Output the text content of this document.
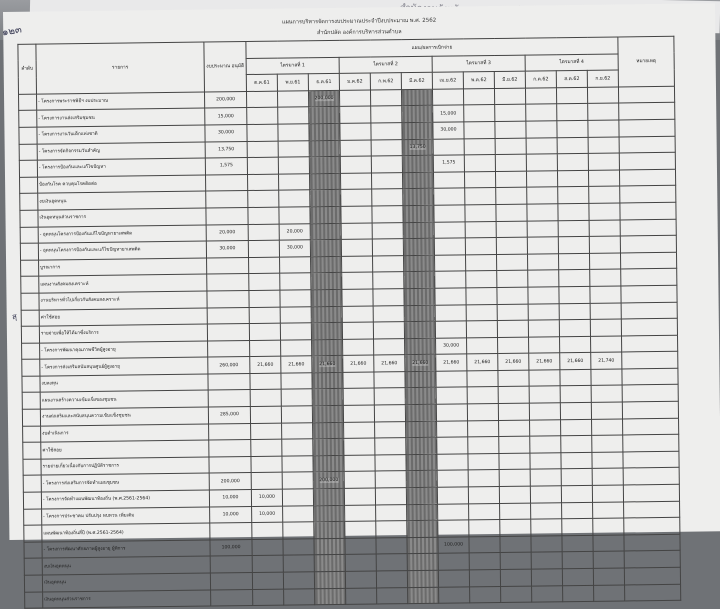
แผนการบริหารจัดการงบประมาณประจำปีงบประมาณ พ.ศ. 2562
สำนักปลัด องค์การบริหารส่วนตำบล
ลำดับ	รายการ	งบประมาณ อนุมัติ	แผน/ผลการเบิกจ่าย												หมายเหตุ
			ไตรมาสที่ 1			ไตรมาสที่ 2			ไตรมาสที่ 3			ไตรมาสที่ 4			
			ต.ค.61	พ.ย.61	ธ.ค.61	ม.ค.62	ก.พ.62	มี.ค.62	เม.ย.62	พ.ค.62	มิ.ย.62	ก.ค.62	ส.ค.62	ก.ย.62	
	- โครงการพระราชพิธีฯ งบประมาณ	200,000			200,000										
	- โครงการงานส่งเสริมชุมชน	15,000							15,000						
	- โครงการงานวันเด็กแห่งชาติ	30,000							30,000						
	- โครงการจัดกิจกรรมวันสำคัญ	13,750						13,750							
	- โครงการป้องกันและแก้ไขปัญหา	1,575							1,575						
	ป้องกันโรค ควบคุมโรคติดต่อ														
	งบเงินอุดหนุน														
	เงินอุดหนุนส่วนราชการ														
	- อุดหนุนโครงการป้องกันแก้ไขปัญหายาเสพติด	20,000		20,000											
	- อุดหนุนโครงการป้องกันและแก้ไขปัญหายาเสพติด	30,000		30,000											
	บูรณาการ														
	แผนงานสังคมสงเคราะห์														
	งานบริหารทั่วไปเกี่ยวกับสังคมสงเคราะห์														
	ค่าใช้สอย														
	รายจ่ายเพื่อให้ได้มาซึ่งบริการ														
	- โครงการพัฒนาคุณภาพชีวิตผู้สูงอายุ								30,000						
	- โครงการส่งเสริมสนับสนุนศูนย์ผู้สูงอายุ	260,000	21,660	21,660	21,660	21,660	21,660	21,660	21,660	21,660	21,660	21,660	21,660	21,740	
	งบลงทุน														
	แผนงานสร้างความเข้มแข็งของชุมชน														
	งานส่งเสริมและสนับสนุนความเข้มแข็งชุมชน	285,000													
	งบดำเนินการ														
	ค่าใช้สอย														
	รายจ่ายเกี่ยวเนื่องกับการปฏิบัติราชการ														
	- โครงการส่งเสริมการจัดทำแผนชุมชน	200,000			200,000										
	- โครงการจัดทำแผนพัฒนาท้องถิ่น (พ.ศ.2561-2564)	10,000	10,000												
	- โครงการประชาคม ปรับปรุง ทบทวน เพิ่มเติม	10,000	10,000												
	แผนพัฒนาท้องถิ่นสี่ปี (พ.ศ.2561-2564)														
	- โครงการพัฒนาศักยภาพผู้สูงอายุ ผู้พิการ	100,000							100,000						
	งบเงินอุดหนุน														
	เงินอุดหนุน														
	เงินอุดหนุนส่วนราชการ														
๑๒๓
สุ
